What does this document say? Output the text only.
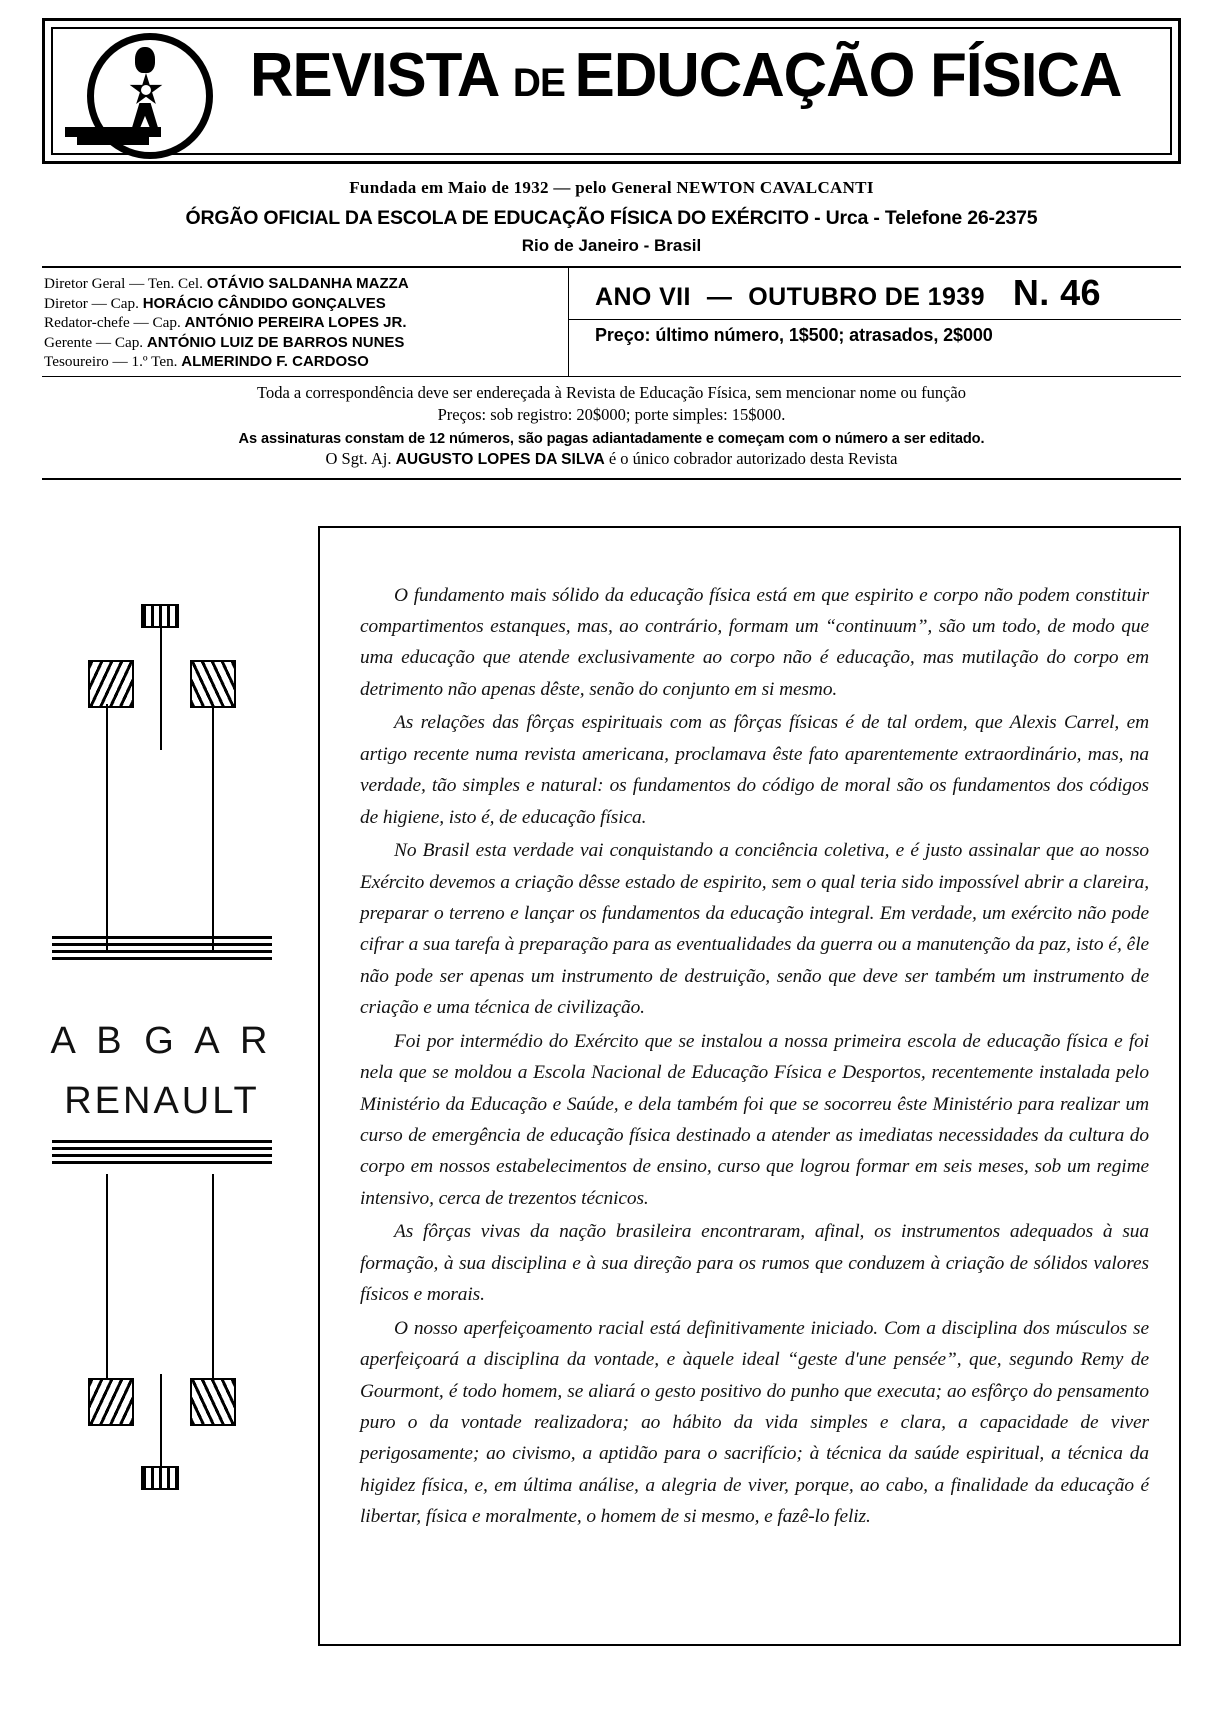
REVISTA DE EDUCAÇÃO FÍSICA
Fundada em Maio de 1932 — pelo General NEWTON CAVALCANTI
ÓRGÃO OFICIAL DA ESCOLA DE EDUCAÇÃO FÍSICA DO EXÉRCITO - Urca - Telefone 26-2375
Rio de Janeiro - Brasil
Diretor Geral — Ten. Cel. OTÁVIO SALDANHA MAZZA
Diretor — Cap. HORÁCIO CÂNDIDO GONÇALVES
Redator-chefe — Cap. ANTÓNIO PEREIRA LOPES JR.
Gerente — Cap. ANTÓNIO LUIZ DE BARROS NUNES
Tesoureiro — 1.º Ten. ALMERINDO F. CARDOSO
ANO VII — OUTUBRO DE 1939 N. 46
Preço: último número, 1$500; atrasados, 2$000
Toda a correspondência deve ser endereçada à Revista de Educação Física, sem mencionar nome ou função
Preços: sob registro: 20$000; porte simples: 15$000.
As assinaturas constam de 12 números, são pagas adiantadamente e começam com o número a ser editado.
O Sgt. Aj. AUGUSTO LOPES DA SILVA é o único cobrador autorizado desta Revista
A B G A R
RENAULT

O fundamento mais sólido da educação física está em que espirito e corpo não podem constituir compartimentos estanques, mas, ao contrário, formam um “continuum”, são um todo, de modo que uma educação que atende exclusivamente ao corpo não é educação, mas mutilação do corpo em detrimento não apenas dêste, senão do conjunto em si mesmo.

As relações das fôrças espirituais com as fôrças físicas é de tal ordem, que Alexis Carrel, em artigo recente numa revista americana, proclamava êste fato aparentemente extraordinário, mas, na verdade, tão simples e natural: os fundamentos do código de moral são os fundamentos dos códigos de higiene, isto é, de educação física.

No Brasil esta verdade vai conquistando a conciência coletiva, e é justo assinalar que ao nosso Exército devemos a criação dêsse estado de espirito, sem o qual teria sido impossível abrir a clareira, preparar o terreno e lançar os fundamentos da educação integral. Em verdade, um exército não pode cifrar a sua tarefa à preparação para as eventualidades da guerra ou a manutenção da paz, isto é, êle não pode ser apenas um instrumento de destruição, senão que deve ser também um instrumento de criação e uma técnica de civilização.

Foi por intermédio do Exército que se instalou a nossa primeira escola de educação física e foi nela que se moldou a Escola Nacional de Educação Física e Desportos, recentemente instalada pelo Ministério da Educação e Saúde, e dela também foi que se socorreu êste Ministério para realizar um curso de emergência de educação física destinado a atender as imediatas necessidades da cultura do corpo em nossos estabelecimentos de ensino, curso que logrou formar em seis meses, sob um regime intensivo, cerca de trezentos técnicos.

As fôrças vivas da nação brasileira encontraram, afinal, os instrumentos adequados à sua formação, à sua disciplina e à sua direção para os rumos que conduzem à criação de sólidos valores físicos e morais.

O nosso aperfeiçoamento racial está definitivamente iniciado. Com a disciplina dos músculos se aperfeiçoará a disciplina da vontade, e àquele ideal “geste d'une pensée”, que, segundo Remy de Gourmont, é todo homem, se aliará o gesto positivo do punho que executa; ao esfôrço do pensamento puro o da vontade realizadora; ao hábito da vida simples e clara, a capacidade de viver perigosamente; ao civismo, a aptidão para o sacrifício; à técnica da saúde espiritual, a técnica da higidez física, e, em última análise, a alegria de viver, porque, ao cabo, a finalidade da educação é libertar, física e moralmente, o homem de si mesmo, e fazê-lo feliz.
